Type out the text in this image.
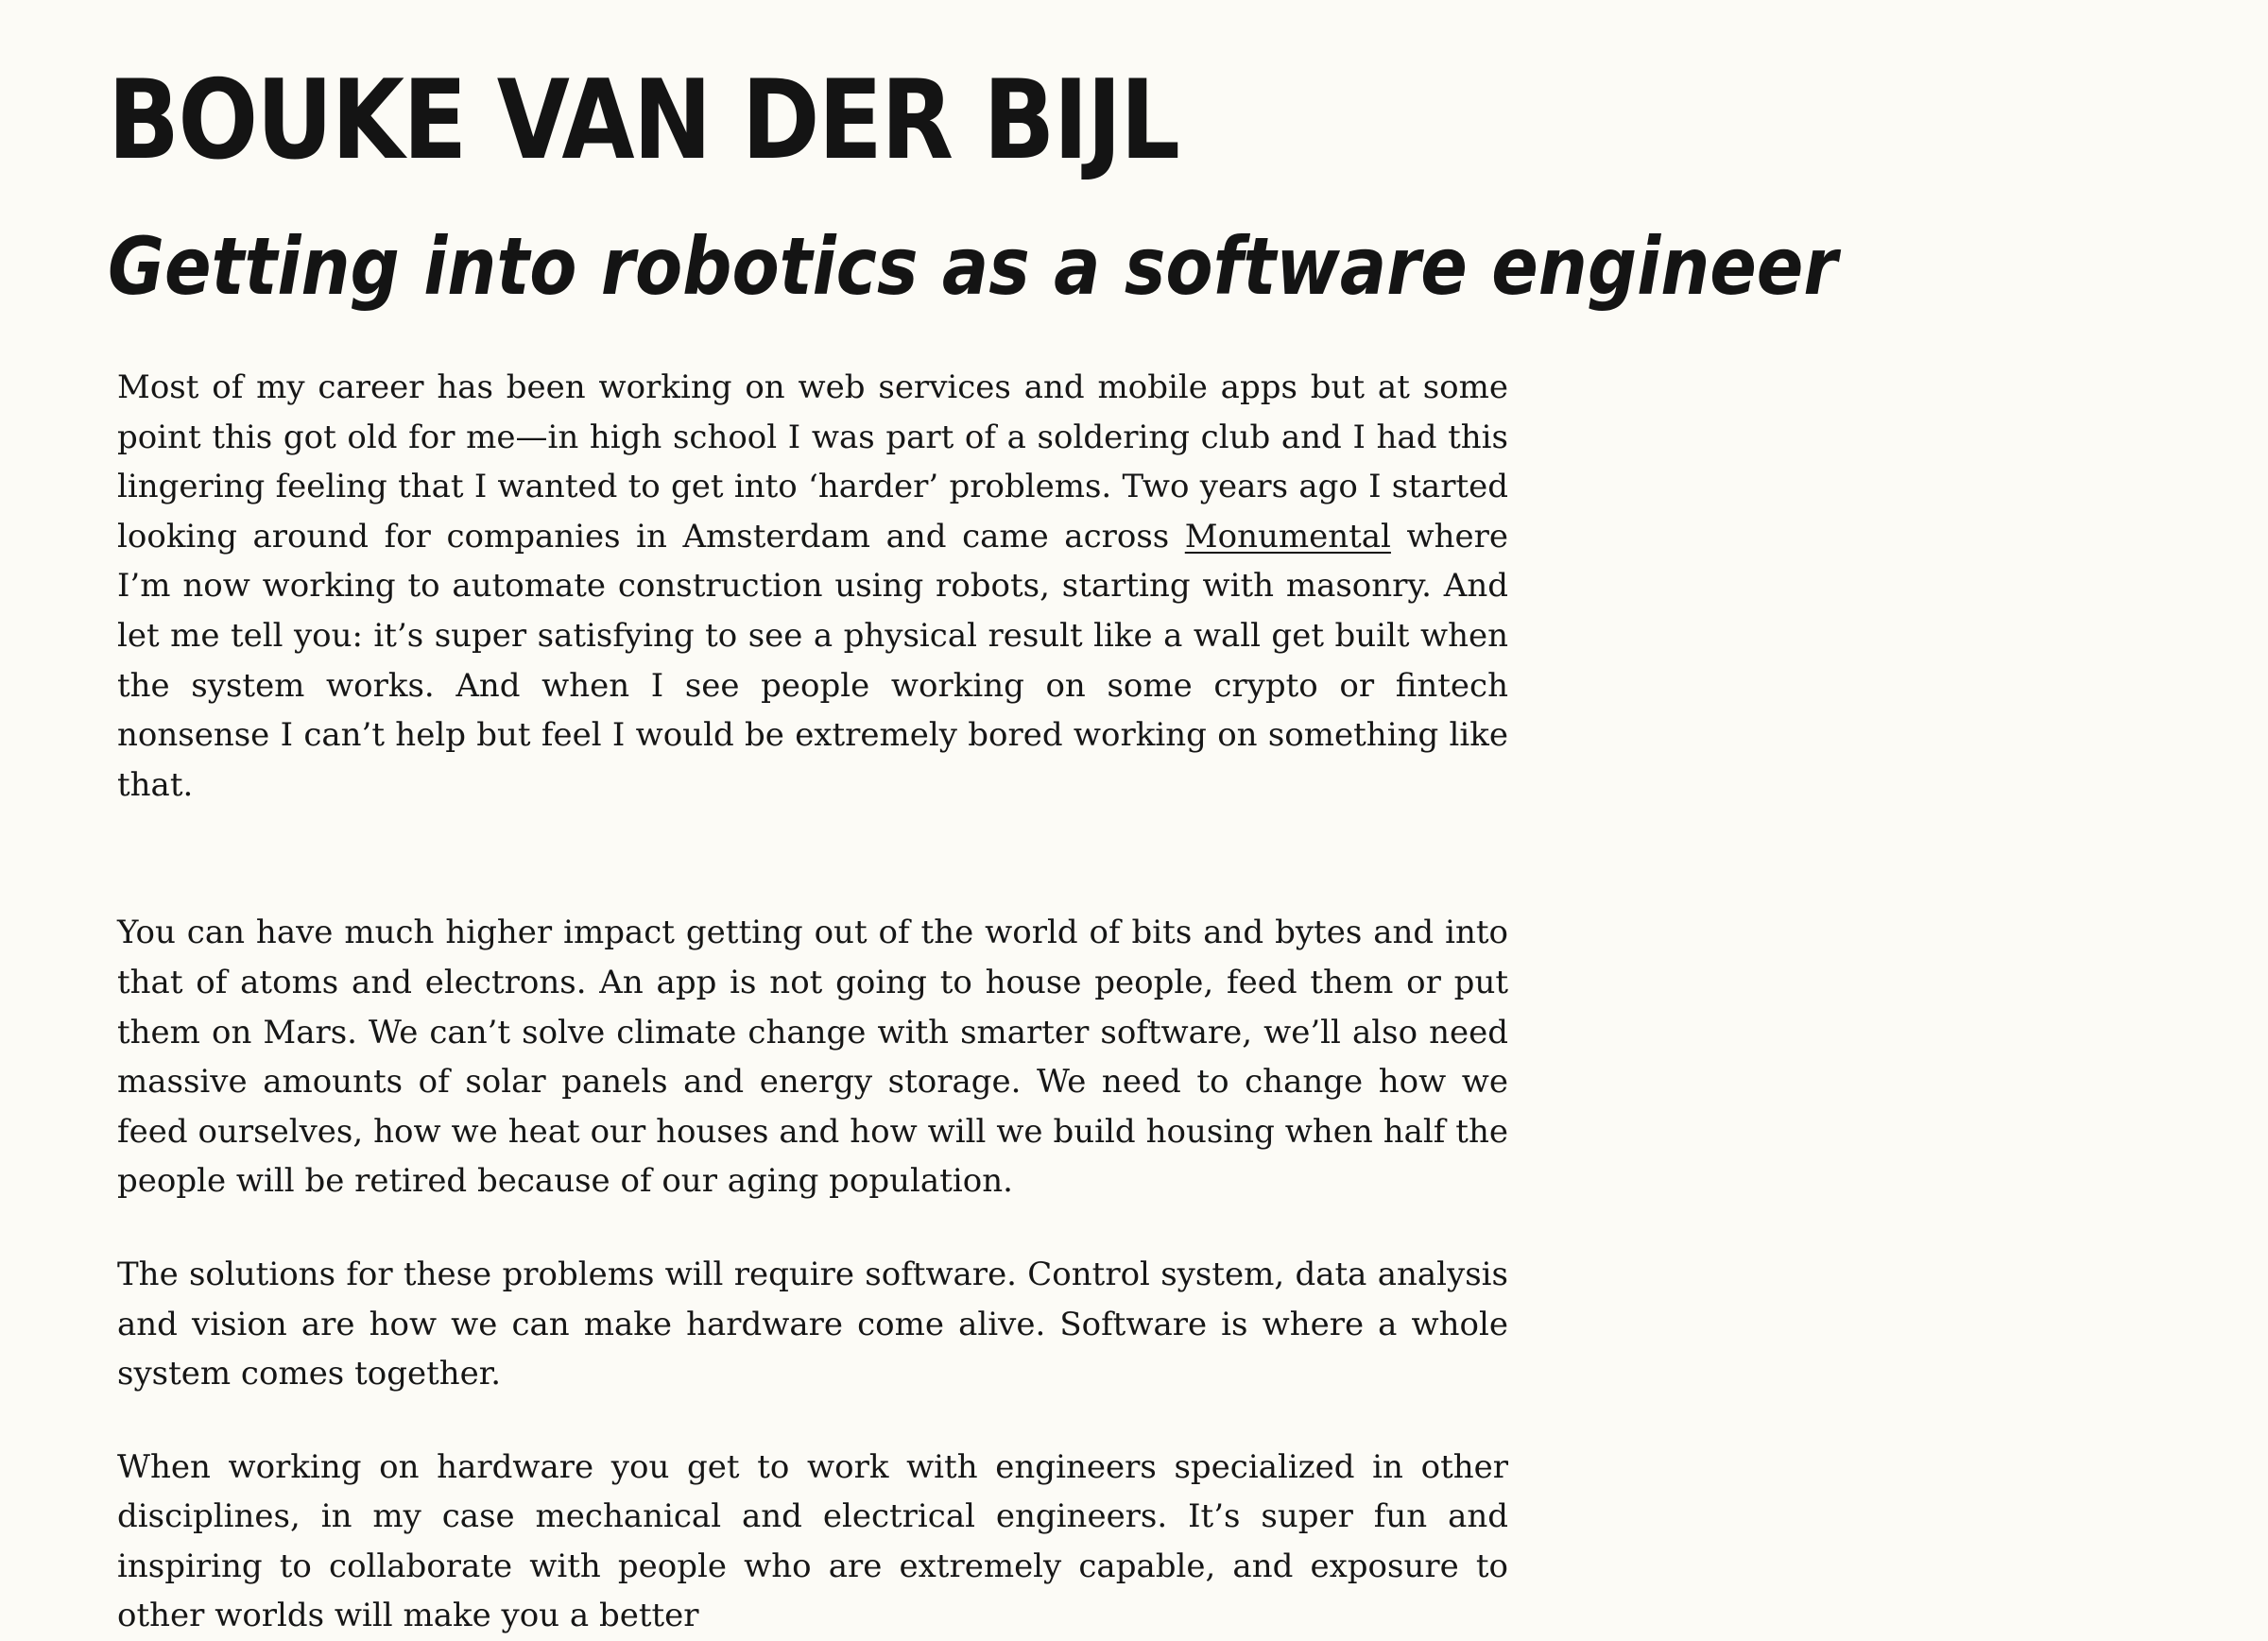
BOUKE VAN DER BIJL
Getting into robotics as a software engineer

Most of my career has been working on web services and mobile apps but at some point this got old for me—in high school I was part of a soldering club and I had this lingering feeling that I wanted to get into ‘harder’ problems. Two years ago I started looking around for companies in Amsterdam and came across Monumental where I’m now working to automate construction using robots, starting with masonry. And let me tell you: it’s super satisfying to see a physical result like a wall get built when the system works. And when I see people working on some crypto or fintech nonsense I can’t help but feel I would be extremely bored working on something like that.

You can have much higher impact getting out of the world of bits and bytes and into that of atoms and electrons. An app is not going to house people, feed them or put them on Mars. We can’t solve climate change with smarter software, we’ll also need massive amounts of solar panels and energy storage. We need to change how we feed ourselves, how we heat our houses and how will we build housing when half the people will be retired because of our aging population.

The solutions for these problems will require software. Control system, data analysis and vision are how we can make hardware come alive. Software is where a whole system comes together.

When working on hardware you get to work with engineers specialized in other disciplines, in my case mechanical and electrical engineers. It’s super fun and inspiring to collaborate with people who are extremely capable, and exposure to other worlds will make you a better
